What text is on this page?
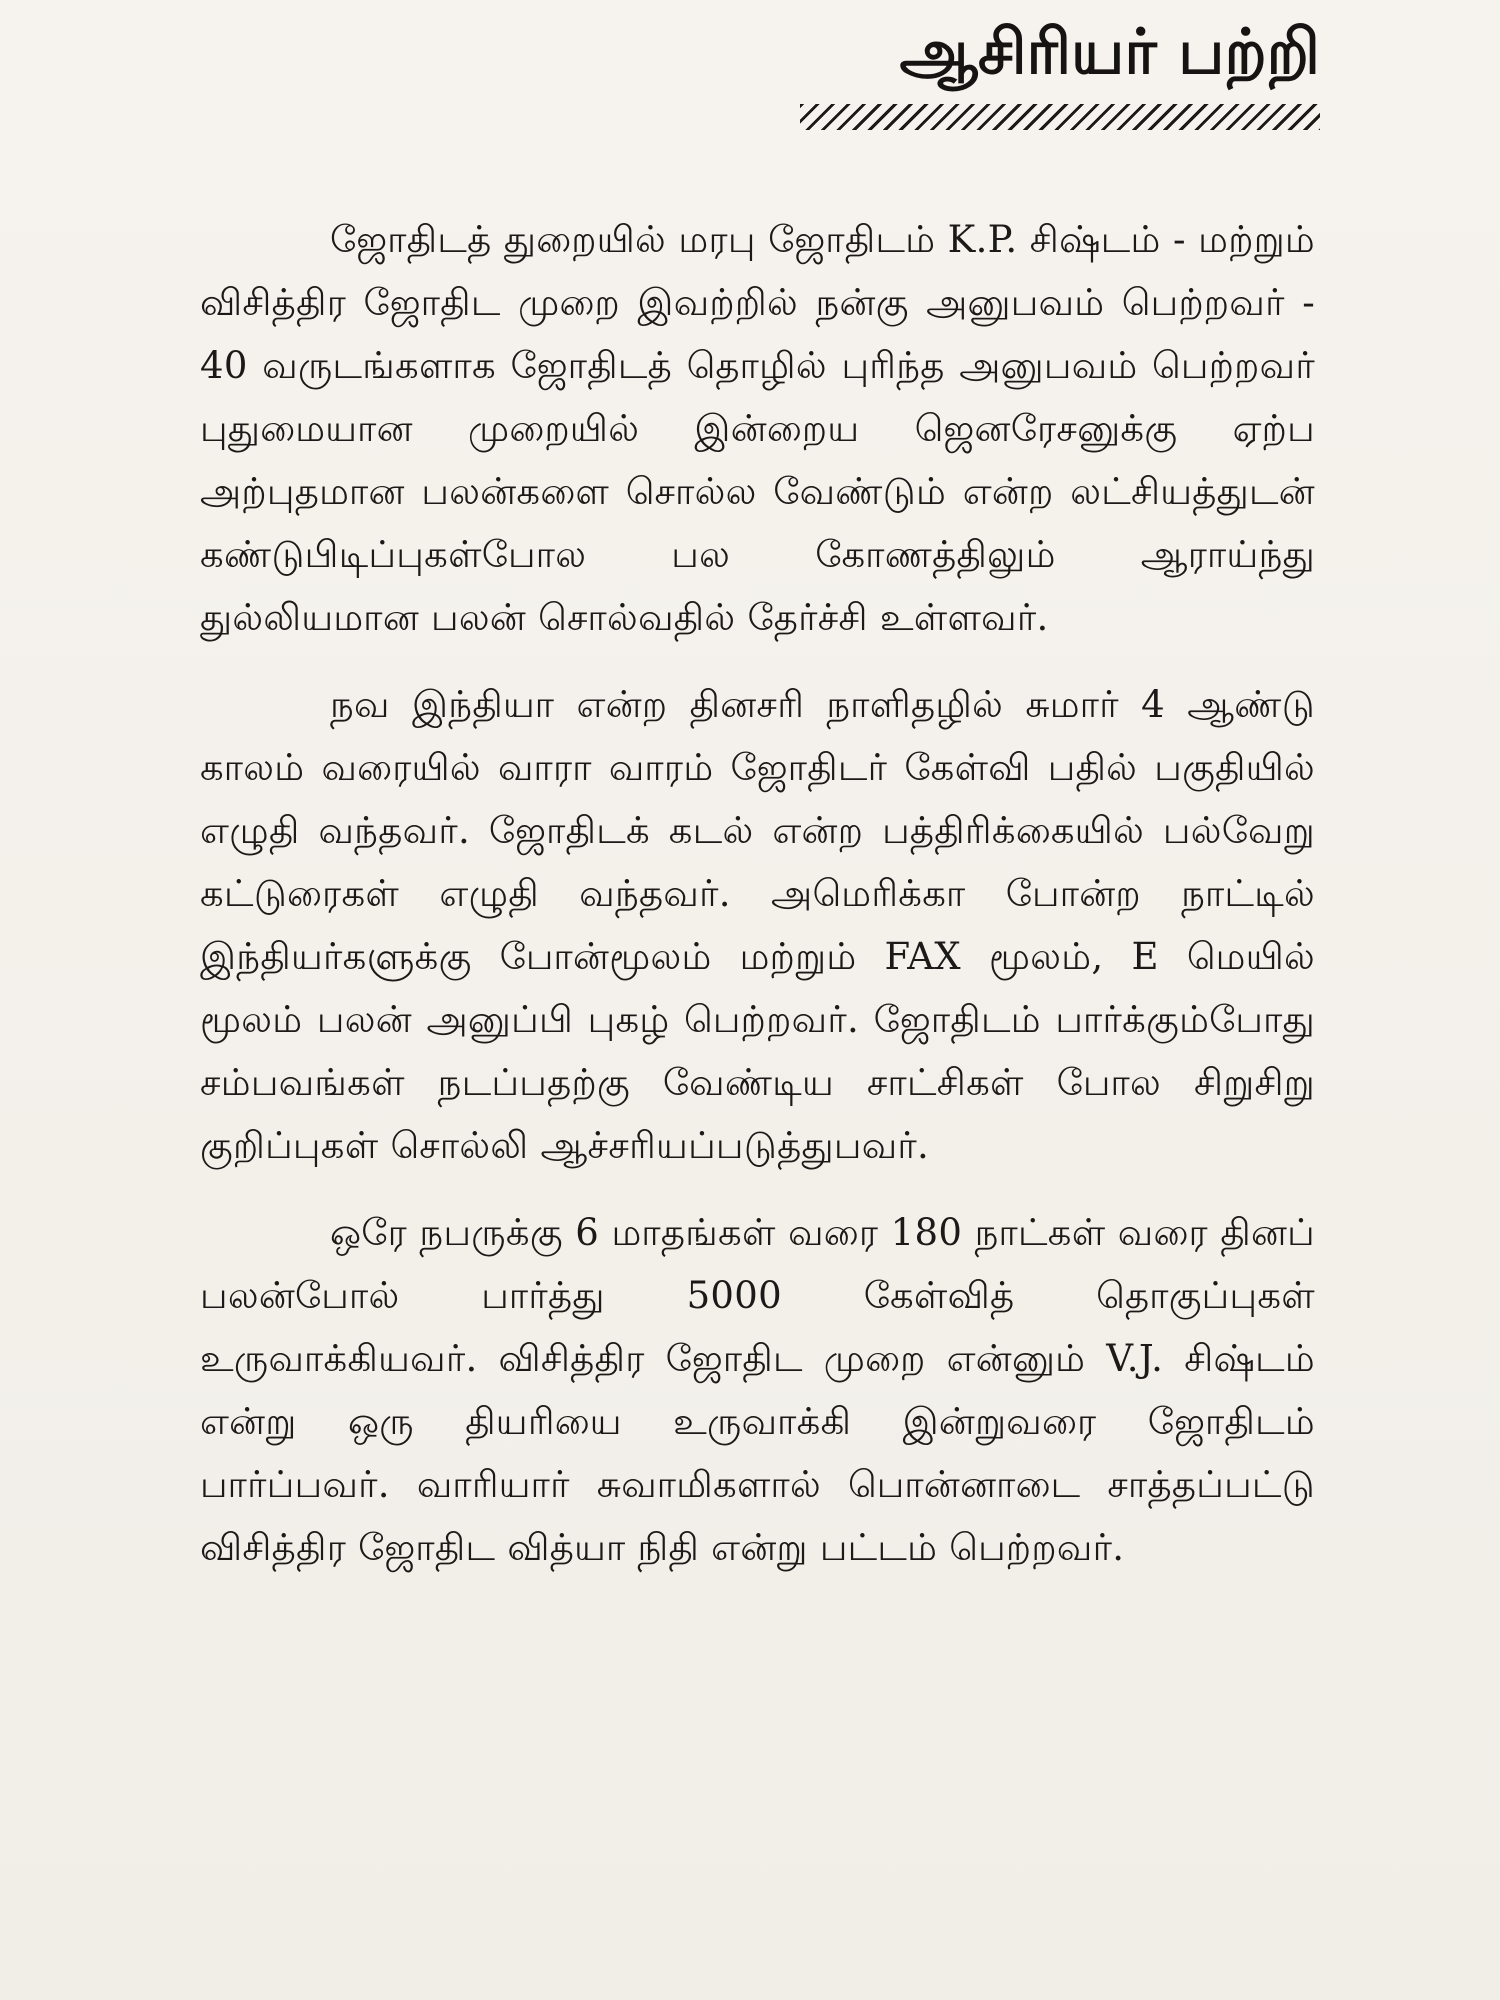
ஆசிரியர் பற்றி

ஜோதிடத் துறையில் மரபு ஜோதிடம் K.P. சிஷ்டம் - மற்றும் விசித்திர ஜோதிட முறை இவற்றில் நன்கு அனுபவம் பெற்றவர் - 40 வருடங்களாக ஜோதிடத் தொழில் புரிந்த அனுபவம் பெற்றவர் புதுமையான முறையில் இன்றைய ஜெனரேசனுக்கு ஏற்ப அற்புதமான பலன்களை சொல்ல வேண்டும் என்ற லட்சியத்துடன் கண்டுபிடிப்புகள்போல பல கோணத்திலும் ஆராய்ந்து துல்லியமான பலன் சொல்வதில் தேர்ச்சி உள்ளவர்.

நவ இந்தியா என்ற தினசரி நாளிதழில் சுமார் 4 ஆண்டு காலம் வரையில் வாரா வாரம் ஜோதிடர் கேள்வி பதில் பகுதியில் எழுதி வந்தவர். ஜோதிடக் கடல் என்ற பத்திரிக்கையில் பல்வேறு கட்டுரைகள் எழுதி வந்தவர். அமெரிக்கா போன்ற நாட்டில் இந்தியர்களுக்கு போன்மூலம் மற்றும் FAX மூலம், E மெயில் மூலம் பலன் அனுப்பி புகழ் பெற்றவர். ஜோதிடம் பார்க்கும்போது சம்பவங்கள் நடப்பதற்கு வேண்டிய சாட்சிகள் போல சிறுசிறு குறிப்புகள் சொல்லி ஆச்சரியப்படுத்துபவர்.

ஒரே நபருக்கு 6 மாதங்கள் வரை 180 நாட்கள் வரை தினப் பலன்போல் பார்த்து 5000 கேள்வித் தொகுப்புகள் உருவாக்கியவர். விசித்திர ஜோதிட முறை என்னும் V.J. சிஷ்டம் என்று ஒரு தியரியை உருவாக்கி இன்றுவரை ஜோதிடம் பார்ப்பவர். வாரியார் சுவாமிகளால் பொன்னாடை சாத்தப்பட்டு விசித்திர ஜோதிட வித்யா நிதி என்று பட்டம் பெற்றவர்.
